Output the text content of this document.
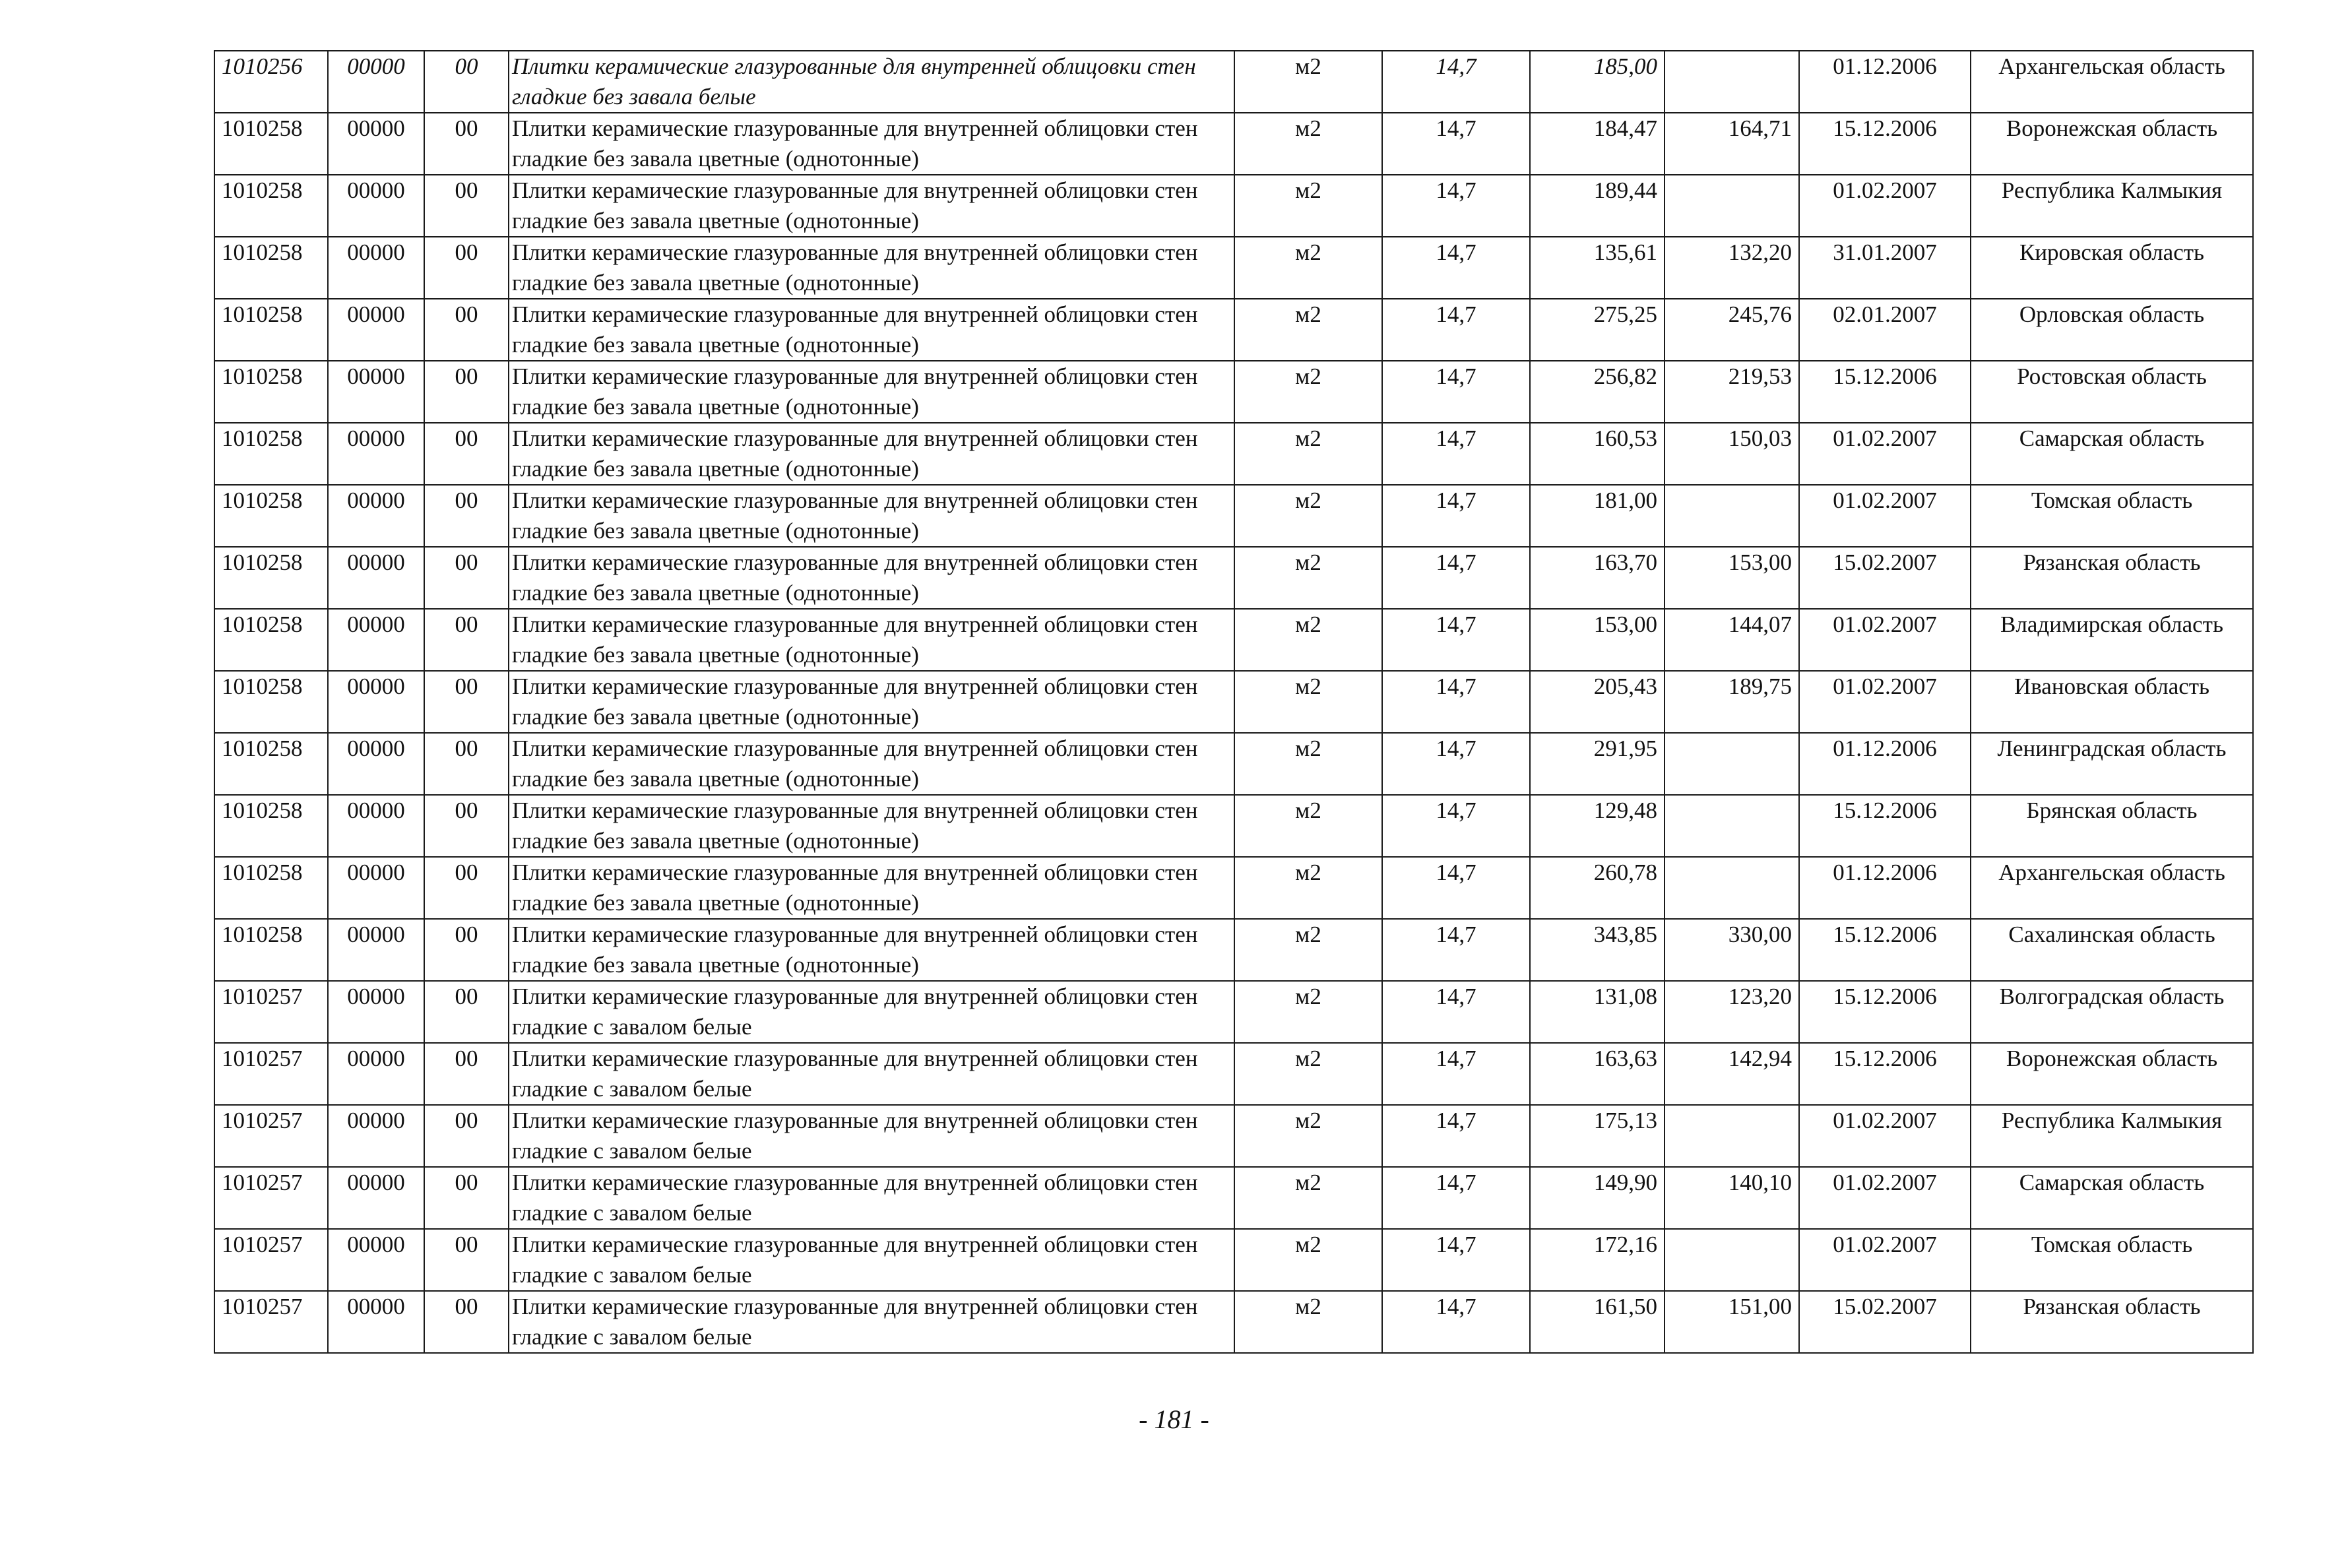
1010256	00000	00	Плитки керамические глазурованные для внутренней облицовки стен гладкие без завала белые	м2	14,7	185,00		01.12.2006	Архангельская область
1010258	00000	00	Плитки керамические глазурованные для внутренней облицовки стен гладкие без завала цветные (однотонные)	м2	14,7	184,47	164,71	15.12.2006	Воронежская область
1010258	00000	00	Плитки керамические глазурованные для внутренней облицовки стен гладкие без завала цветные (однотонные)	м2	14,7	189,44		01.02.2007	Республика Калмыкия
1010258	00000	00	Плитки керамические глазурованные для внутренней облицовки стен гладкие без завала цветные (однотонные)	м2	14,7	135,61	132,20	31.01.2007	Кировская область
1010258	00000	00	Плитки керамические глазурованные для внутренней облицовки стен гладкие без завала цветные (однотонные)	м2	14,7	275,25	245,76	02.01.2007	Орловская область
1010258	00000	00	Плитки керамические глазурованные для внутренней облицовки стен гладкие без завала цветные (однотонные)	м2	14,7	256,82	219,53	15.12.2006	Ростовская область
1010258	00000	00	Плитки керамические глазурованные для внутренней облицовки стен гладкие без завала цветные (однотонные)	м2	14,7	160,53	150,03	01.02.2007	Самарская область
1010258	00000	00	Плитки керамические глазурованные для внутренней облицовки стен гладкие без завала цветные (однотонные)	м2	14,7	181,00		01.02.2007	Томская область
1010258	00000	00	Плитки керамические глазурованные для внутренней облицовки стен гладкие без завала цветные (однотонные)	м2	14,7	163,70	153,00	15.02.2007	Рязанская область
1010258	00000	00	Плитки керамические глазурованные для внутренней облицовки стен гладкие без завала цветные (однотонные)	м2	14,7	153,00	144,07	01.02.2007	Владимирская область
1010258	00000	00	Плитки керамические глазурованные для внутренней облицовки стен гладкие без завала цветные (однотонные)	м2	14,7	205,43	189,75	01.02.2007	Ивановская область
1010258	00000	00	Плитки керамические глазурованные для внутренней облицовки стен гладкие без завала цветные (однотонные)	м2	14,7	291,95		01.12.2006	Ленинградская область
1010258	00000	00	Плитки керамические глазурованные для внутренней облицовки стен гладкие без завала цветные (однотонные)	м2	14,7	129,48		15.12.2006	Брянская область
1010258	00000	00	Плитки керамические глазурованные для внутренней облицовки стен гладкие без завала цветные (однотонные)	м2	14,7	260,78		01.12.2006	Архангельская область
1010258	00000	00	Плитки керамические глазурованные для внутренней облицовки стен гладкие без завала цветные (однотонные)	м2	14,7	343,85	330,00	15.12.2006	Сахалинская область
1010257	00000	00	Плитки керамические глазурованные для внутренней облицовки стен гладкие с завалом белые	м2	14,7	131,08	123,20	15.12.2006	Волгоградская область
1010257	00000	00	Плитки керамические глазурованные для внутренней облицовки стен гладкие с завалом белые	м2	14,7	163,63	142,94	15.12.2006	Воронежская область
1010257	00000	00	Плитки керамические глазурованные для внутренней облицовки стен гладкие с завалом белые	м2	14,7	175,13		01.02.2007	Республика Калмыкия
1010257	00000	00	Плитки керамические глазурованные для внутренней облицовки стен гладкие с завалом белые	м2	14,7	149,90	140,10	01.02.2007	Самарская область
1010257	00000	00	Плитки керамические глазурованные для внутренней облицовки стен гладкие с завалом белые	м2	14,7	172,16		01.02.2007	Томская область
1010257	00000	00	Плитки керамические глазурованные для внутренней облицовки стен гладкие с завалом белые	м2	14,7	161,50	151,00	15.02.2007	Рязанская область
- 181 -
